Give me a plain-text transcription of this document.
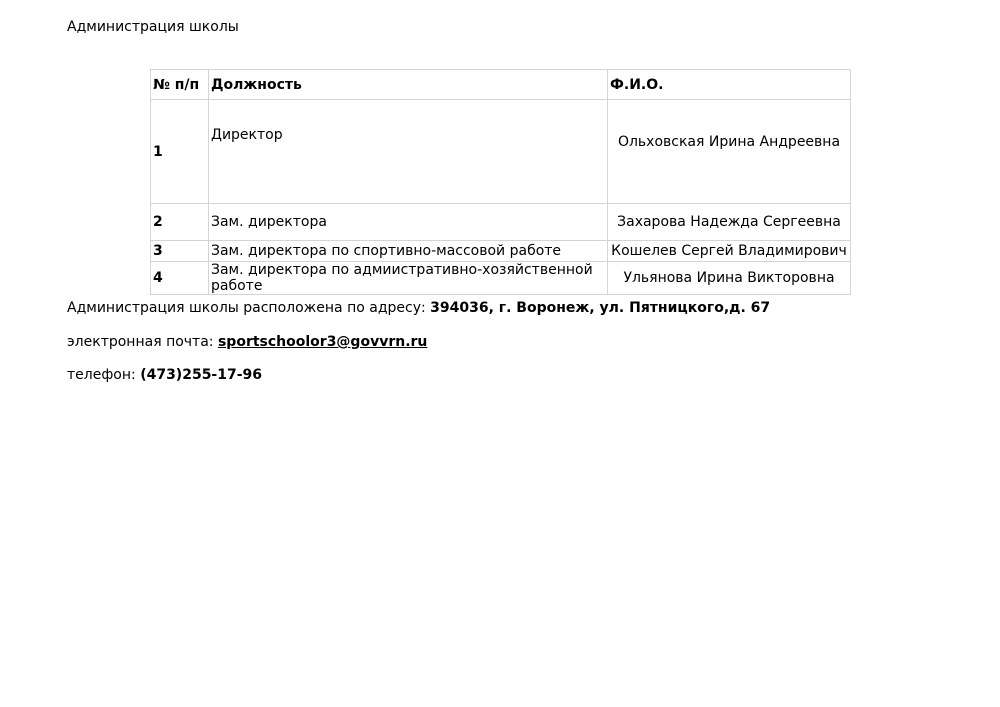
Администрация школы
№ п/п	Должность	Ф.И.О.
1	Директор	Ольховская Ирина Андреевна
2	Зам. директора	Захарова Надежда Сергеевна
3	Зам. директора по спортивно-массовой работе	Кошелев Сергей Владимирович
4	Зам. директора по адмиистративно-хозяйственной работе	Ульянова Ирина Викторовна
Администрация школы расположена по адресу: 394036, г. Воронеж, ул. Пятницкого,д. 67
электронная почта: sportschoolor3@govvrn.ru
телефон: (473)255-17-96
